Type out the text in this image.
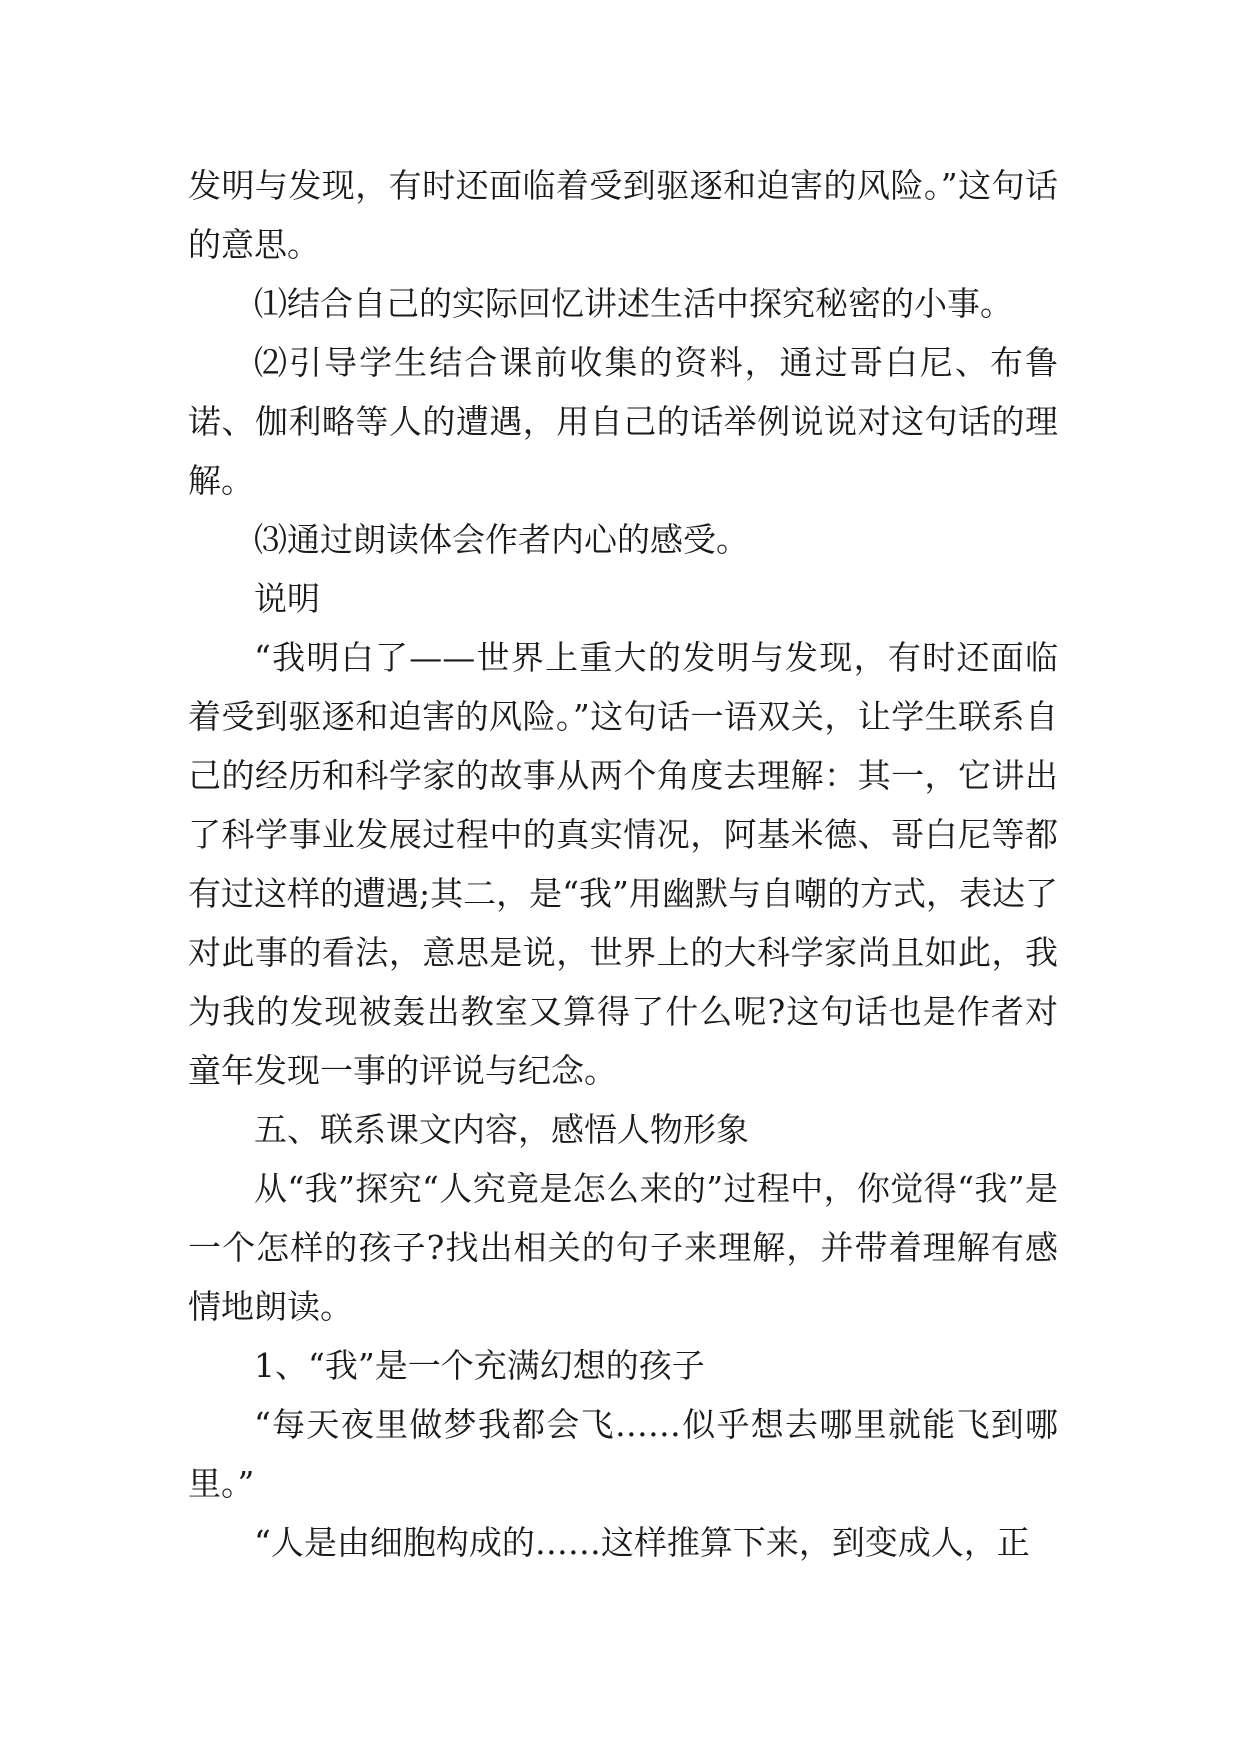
发明与发现，有时还面临着受到驱逐和迫害的风险。”这句话的意思。

⑴结合自己的实际回忆讲述生活中探究秘密的小事。

⑵引导学生结合课前收集的资料，通过哥白尼、布鲁诺、伽利略等人的遭遇，用自己的话举例说说对这句话的理解。

⑶通过朗读体会作者内心的感受。

说明

“我明白了——世界上重大的发明与发现，有时还面临着受到驱逐和迫害的风险。”这句话一语双关，让学生联系自己的经历和科学家的故事从两个角度去理解：其一，它讲出了科学事业发展过程中的真实情况，阿基米德、哥白尼等都有过这样的遭遇;其二，是“我”用幽默与自嘲的方式，表达了对此事的看法，意思是说，世界上的大科学家尚且如此，我为我的发现被轰出教室又算得了什么呢?这句话也是作者对童年发现一事的评说与纪念。

五、联系课文内容，感悟人物形象

从“我”探究“人究竟是怎么来的”过程中，你觉得“我”是一个怎样的孩子?找出相关的句子来理解，并带着理解有感情地朗读。

1、“我”是一个充满幻想的孩子

“每天夜里做梦我都会飞……似乎想去哪里就能飞到哪里。”

“人是由细胞构成的……这样推算下来，到变成人，正
